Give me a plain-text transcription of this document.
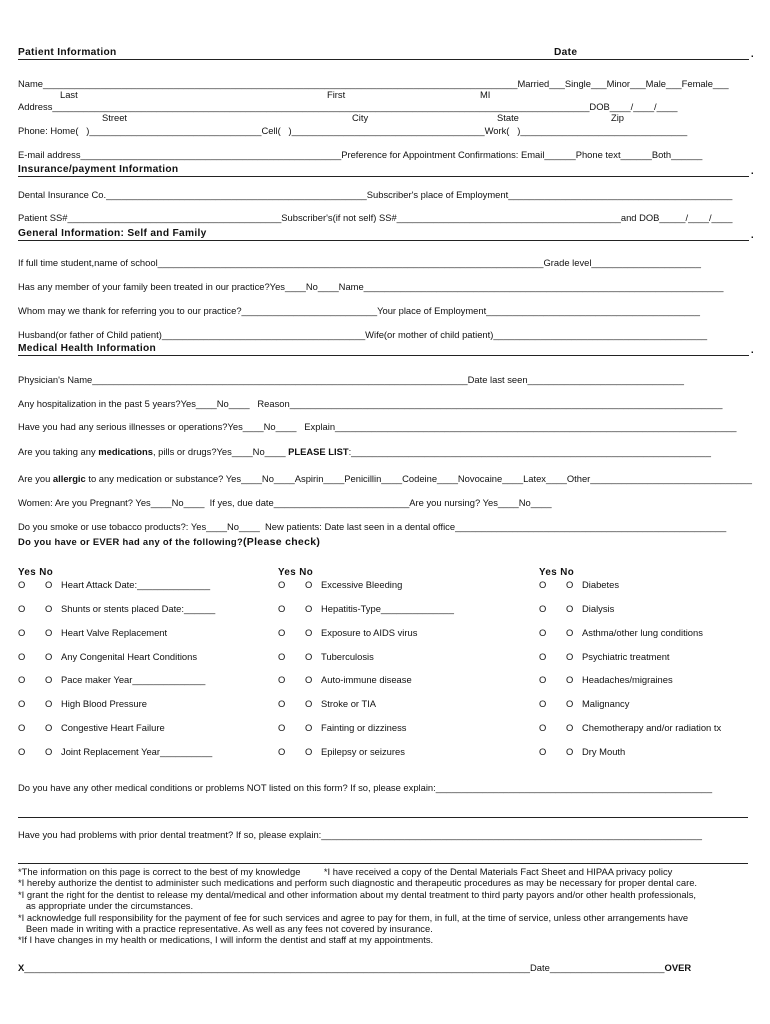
Patient Information	Date	.
Name___________________________________________________________________________________________Married___Single___Minor___Male___Female___
Last	First	MI
Address_______________________________________________________________________________________________________DOB____/____/____
Street	City	State	Zip
Phone: Home(   )_________________________________Cell(   )_____________________________________Work(   )________________________________
E-mail address__________________________________________________Preference for Appointment Confirmations: Email______Phone text______Both______
Insurance/payment Information	.
Dental Insurance Co.__________________________________________________Subscriber's place of Employment___________________________________________
Patient SS#_________________________________________Subscriber's(if not self) SS#___________________________________________and DOB_____/____/____
General Information: Self and Family	.
If full time student,name of school__________________________________________________________________________Grade level_____________________
Has any member of your family been treated in our practice?Yes____No____Name_____________________________________________________________________
Whom may we thank for referring you to our practice?__________________________Your place of Employment_________________________________________
Husband(or father of Child patient)_______________________________________Wife(or mother of child patient)_________________________________________
Medical Health Information	.
Physician's Name________________________________________________________________________Date last seen______________________________
Any hospitalization in the past 5 years?Yes____No____   Reason___________________________________________________________________________________
Have you had any serious illnesses or operations?Yes____No____   Explain_____________________________________________________________________________
Are you taking any medications, pills or drugs?Yes____No____ PLEASE LIST:_____________________________________________________________________
Are you allergic to any medication or substance? Yes____No____Aspirin____Penicillin____Codeine____Novocaine____Latex____Other_______________________________
Women: Are you Pregnant? Yes____No____  If yes, due date__________________________Are you nursing? Yes____No____
Do you smoke or use tobacco products?: Yes____No____  New patients: Date last seen in a dental office____________________________________________________
Do you have or EVER had any of the following?(Please check)
Yes No	Yes No	Yes No
O O Heart Attack Date:______________
O O Shunts or stents placed Date:______
O O Heart Valve Replacement
O O Any Congenital Heart Conditions
O O Pace maker Year______________
O O High Blood Pressure
O O Congestive Heart Failure
O O Joint Replacement Year__________
O O Excessive Bleeding
O O Hepatitis-Type______________
O O Exposure to AIDS virus
O O Tuberculosis
O O Auto-immune disease
O O Stroke or TIA
O O Fainting or dizziness
O O Epilepsy or seizures
O O Diabetes
O O Dialysis
O O Asthma/other lung conditions
O O Psychiatric treatment
O O Headaches/migraines
O O Malignancy
O O Chemotherapy and/or radiation tx
O O Dry Mouth
Do you have any other medical conditions or problems NOT listed on this form? If so, please explain:_____________________________________________________
Have you had problems with prior dental treatment? If so, please explain:_________________________________________________________________________
*The information on this page is correct to the best of my knowledge         *I have received a copy of the Dental Materials Fact Sheet and HIPAA privacy policy
*I hereby authorize the dentist to administer such medications and perform such diagnostic and therapeutic procedures as may be necessary for proper dental care.
*I grant the right for the dentist to release my dental/medical and other information about my dental treatment to third party payors and/or other health professionals,
as appropriate under the circumstances.
*I acknowledge full responsibility for the payment of fee for such services and agree to pay for them, in full, at the time of service, unless other arrangements have
Been made in writing with a practice representative. As well as any fees not covered by insurance.
*If I have changes in my health or medications, I will inform the dentist and staff at my appointments.
X_________________________________________________________________________________________________Date______________________OVER
